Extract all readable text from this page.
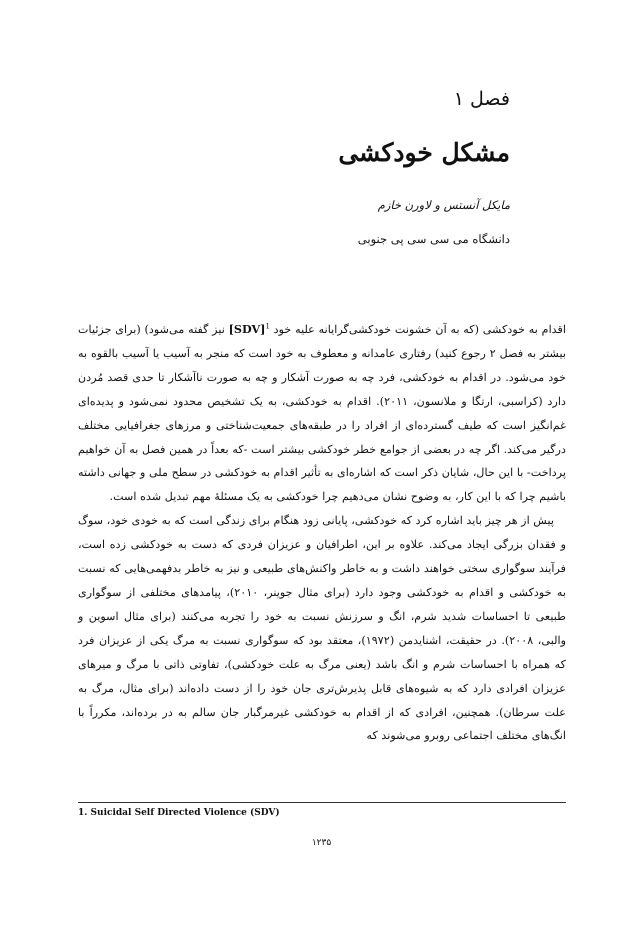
فصل ۱
مشکل خودکشی
مایکل آنستس و لاورن خازم
دانشگاه می سی سی پی جنوبی

اقدام به خودکشی (که به آن خشونت خودکشی‌گرایانه علیه خود [SDV]$^1$ نیز گفته می‌شود) (برای جزئیات بیشتر به فصل ۲ رجوع کنید) رفتاری عامدانه و معطوف به خود است که منجر به آسیب یا آسیب بالقوه به خود می‌شود. در اقدام به خودکشی، فرد چه به صورت آشکار و چه به صورت ناآشکار تا حدی قصد مُردن دارد (کراسبی، ارتگا و ملانسون، ۲۰۱۱). اقدام به خودکشی، به یک تشخیص محدود نمی‌شود و پدیده‌ای غم‌انگیز است که طیف گسترده‌ای از افراد را در طبقه‌های جمعیت‌شناختی و مرزهای جغرافیایی مختلف درگیر می‌کند. اگر چه در بعضی از جوامع خطر خودکشی بیشتر است -که بعداً در همین فصل به آن خواهیم پرداخت- با این حال، شایان ذکر است که اشاره‌ای به تأثیر اقدام به خودکشی در سطح ملی و جهانی داشته باشیم چرا که با این کار، به وضوح نشان می‌دهیم چرا خودکشی به یک مسئلهٔ مهم تبدیل شده است.

پیش از هر چیز باید اشاره کرد که خودکشی، پایانی زود هنگام برای زندگی است که به خودی خود، سوگ و فقدان بزرگی ایجاد می‌کند. علاوه بر این، اطرافیان و عزیزان فردی که دست به خودکشی زده است، فرآیند سوگواری سختی خواهند داشت و به خاطر واکنش‌های طبیعی و نیز به خاطر بدفهمی‌هایی که نسبت به خودکشی و اقدام به خودکشی وجود دارد (برای مثال جوینر، ۲۰۱۰)، پیامدهای مختلفی از سوگواری طبیعی تا احساسات شدید شرم، انگ و سرزنش نسبت به خود را تجربه می‌کنند (برای مثال اسوین و والبی، ۲۰۰۸). در حقیقت، اشنایدمن (۱۹۷۲)، معتقد بود که سوگواری نسبت به مرگ یکی از عزیزان فرد که همراه با احساسات شرم و انگ باشد (یعنی مرگ به علت خودکشی)، تفاوتی ذاتی با مرگ و میرهای عزیزان افرادی دارد که به شیوه‌های قابل پذیرش‌تری جان خود را از دست داده‌اند (برای مثال، مرگ به علت سرطان). همچنین، افرادی که از اقدام به خودکشی غیرمرگبار جان سالم به در برده‌اند، مکرراً با انگ‌های مختلف اجتماعی روبرو می‌شوند که

1. Suicidal Self Directed Violence (SDV)
۱۲۳۵
